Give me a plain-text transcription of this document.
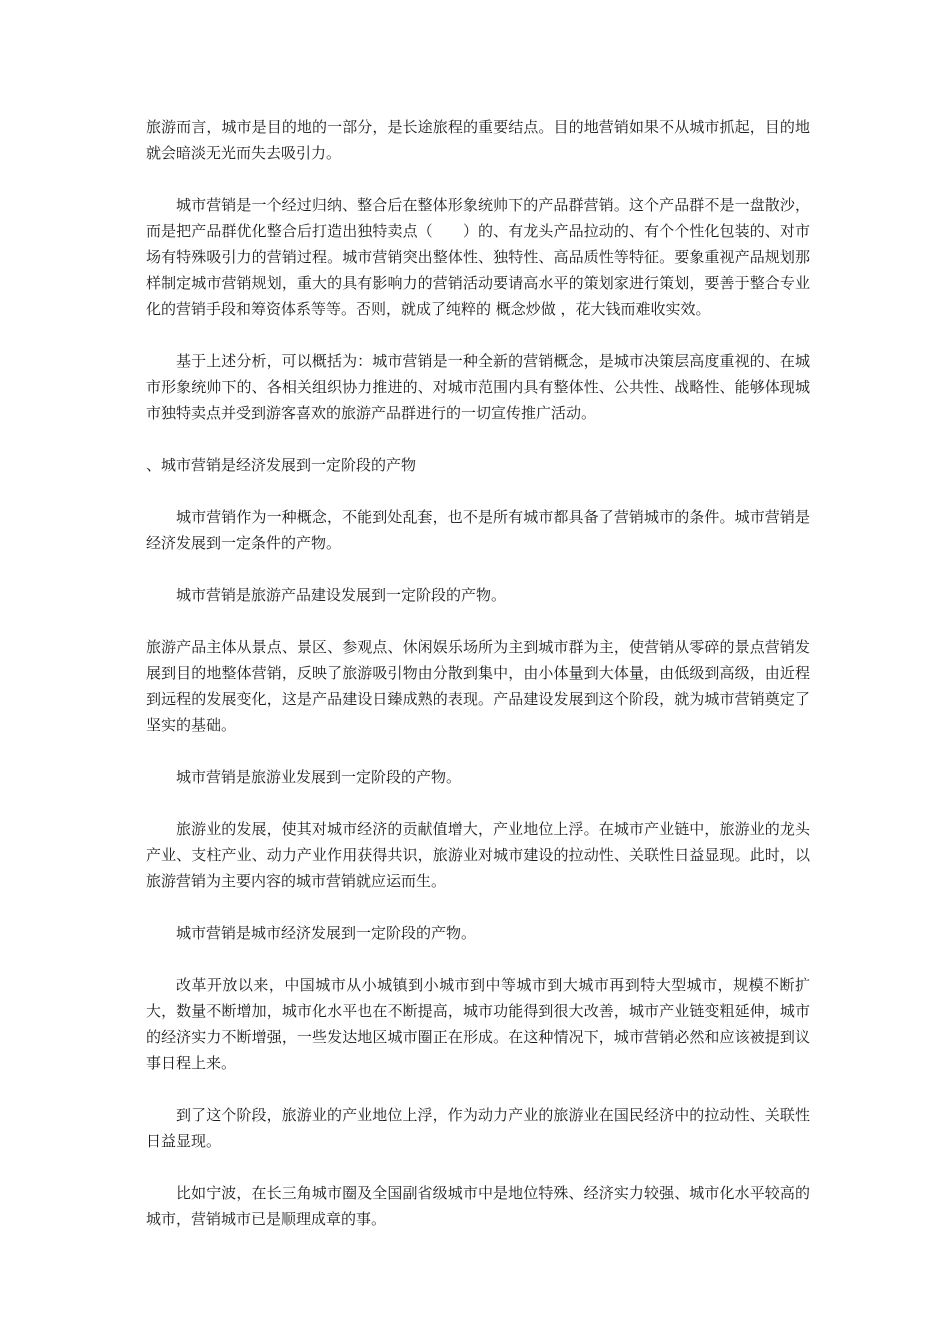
旅游而言，城市是目的地的一部分，是长途旅程的重要结点。目的地营销如果不从城市抓起，目的地就会暗淡无光而失去吸引力。

城市营销是一个经过归纳、整合后在整体形象统帅下的产品群营销。这个产品群不是一盘散沙，而是把产品群优化整合后打造出独特卖点（　　）的、有龙头产品拉动的、有个个性化包装的、对市场有特殊吸引力的营销过程。城市营销突出整体性、独特性、高品质性等特征。要象重视产品规划那样制定城市营销规划，重大的具有影响力的营销活动要请高水平的策划家进行策划，要善于整合专业化的营销手段和筹资体系等等。否则，就成了纯粹的 概念炒做 ，花大钱而难收实效。

基于上述分析，可以概括为：城市营销是一种全新的营销概念，是城市决策层高度重视的、在城市形象统帅下的、各相关组织协力推进的、对城市范围内具有整体性、公共性、战略性、能够体现城市独特卖点并受到游客喜欢的旅游产品群进行的一切宣传推广活动。

、城市营销是经济发展到一定阶段的产物

城市营销作为一种概念，不能到处乱套，也不是所有城市都具备了营销城市的条件。城市营销是经济发展到一定条件的产物。

城市营销是旅游产品建设发展到一定阶段的产物。

旅游产品主体从景点、景区、参观点、休闲娱乐场所为主到城市群为主，使营销从零碎的景点营销发展到目的地整体营销，反映了旅游吸引物由分散到集中，由小体量到大体量，由低级到高级，由近程到远程的发展变化，这是产品建设日臻成熟的表现。产品建设发展到这个阶段，就为城市营销奠定了坚实的基础。

城市营销是旅游业发展到一定阶段的产物。

旅游业的发展，使其对城市经济的贡献值增大，产业地位上浮。在城市产业链中，旅游业的龙头产业、支柱产业、动力产业作用获得共识，旅游业对城市建设的拉动性、关联性日益显现。此时，以旅游营销为主要内容的城市营销就应运而生。

城市营销是城市经济发展到一定阶段的产物。

改革开放以来，中国城市从小城镇到小城市到中等城市到大城市再到特大型城市，规模不断扩大，数量不断增加，城市化水平也在不断提高，城市功能得到很大改善，城市产业链变粗延伸，城市的经济实力不断增强，一些发达地区城市圈正在形成。在这种情况下，城市营销必然和应该被提到议事日程上来。

到了这个阶段，旅游业的产业地位上浮，作为动力产业的旅游业在国民经济中的拉动性、关联性日益显现。

比如宁波，在长三角城市圈及全国副省级城市中是地位特殊、经济实力较强、城市化水平较高的城市，营销城市已是顺理成章的事。
